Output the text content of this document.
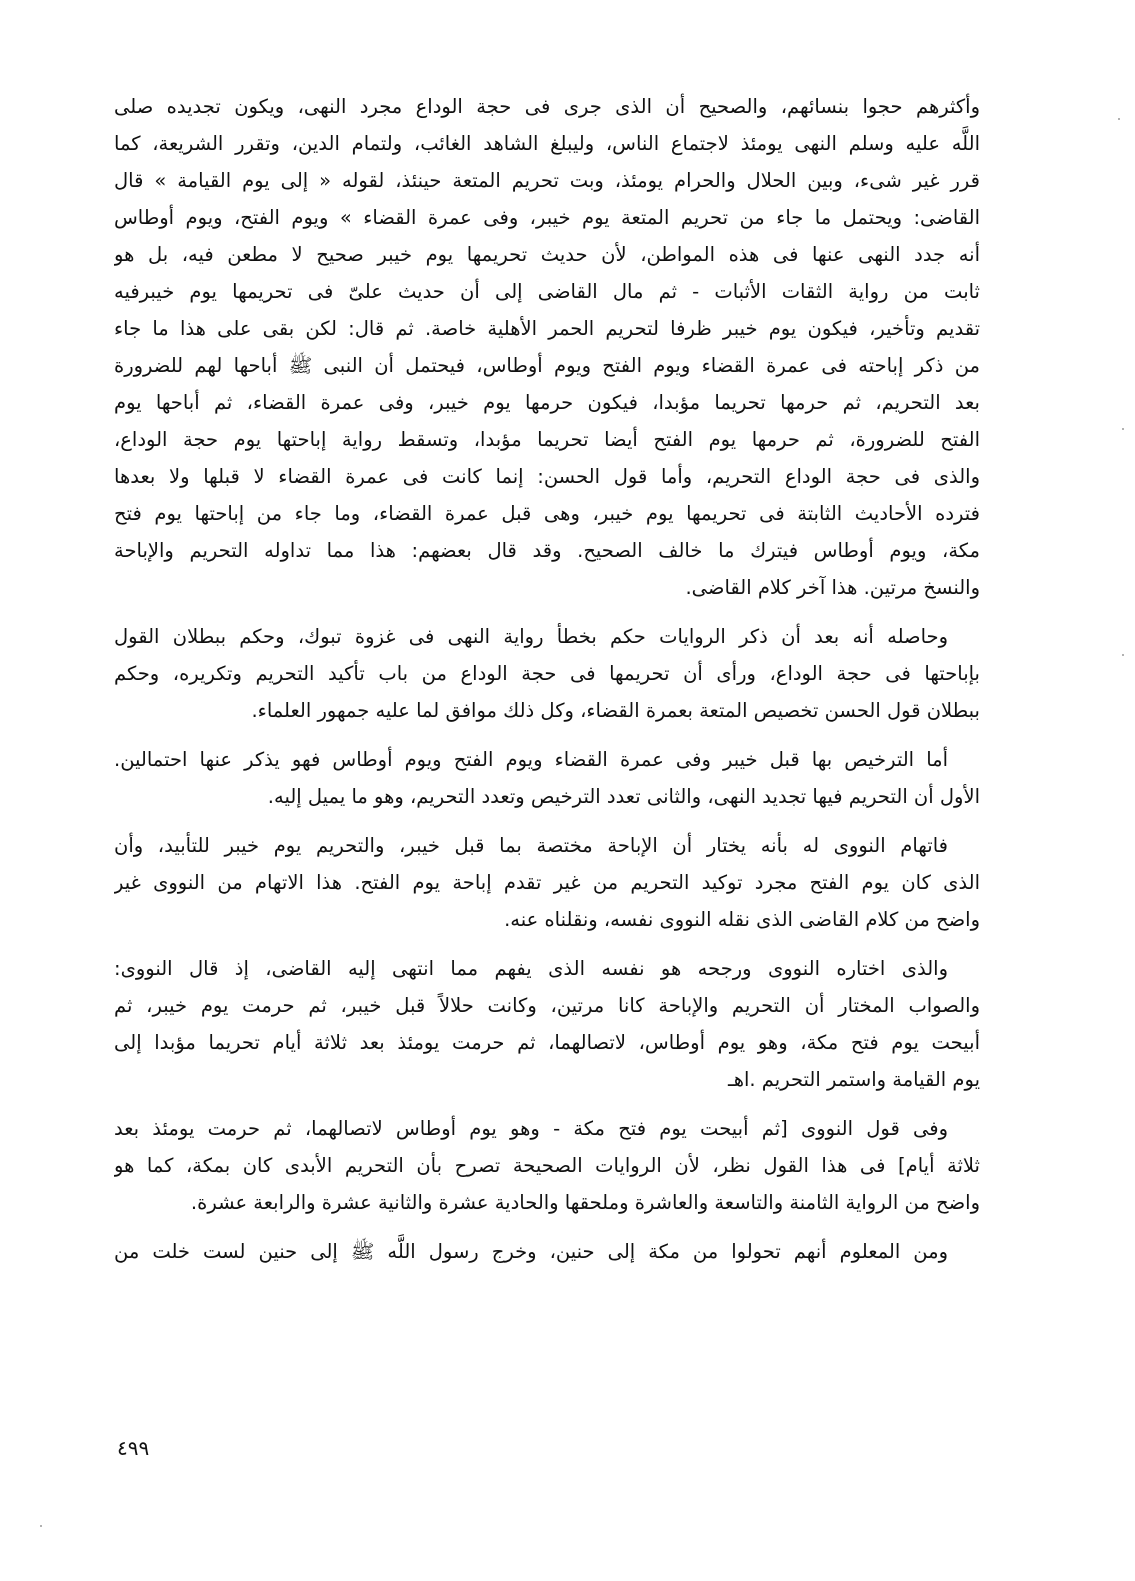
وأكثرهم حجوا بنسائهم، والصحيح أن الذى جرى فى حجة الوداع مجرد النهى، ويكون تجديده صلى
اللَّه عليه وسلم النهى يومئذ لاجتماع الناس، وليبلغ الشاهد الغائب، ولتمام الدين، وتقرر الشريعة، كما
قرر غير شىء، وبين الحلال والحرام يومئذ، وبت تحريم المتعة حينئذ، لقوله « إلى يوم القيامة » قال
القاضى: ويحتمل ما جاء من تحريم المتعة يوم خيبر، وفى عمرة القضاء » ويوم الفتح، ويوم أوطاس
أنه جدد النهى عنها فى هذه المواطن، لأن حديث تحريمها يوم خيبر صحيح لا مطعن فيه، بل هو
ثابت من رواية الثقات الأثبات - ثم مال القاضى إلى أن حديث علىّ فى تحريمها يوم خيبرفيه
تقديم وتأخير، فيكون يوم خيبر ظرفا لتحريم الحمر الأهلية خاصة. ثم قال: لكن بقى على هذا ما جاء
من ذكر إباحته فى عمرة القضاء ويوم الفتح ويوم أوطاس، فيحتمل أن النبى ﷺ أباحها لهم للضرورة
بعد التحريم، ثم حرمها تحريما مؤبدا، فيكون حرمها يوم خيبر، وفى عمرة القضاء، ثم أباحها يوم
الفتح للضرورة، ثم حرمها يوم الفتح أيضا تحريما مؤبدا، وتسقط رواية إباحتها يوم حجة الوداع،
والذى فى حجة الوداع التحريم، وأما قول الحسن: إنما كانت فى عمرة القضاء لا قبلها ولا بعدها
فترده الأحاديث الثابتة فى تحريمها يوم خيبر، وهى قبل عمرة القضاء، وما جاء من إباحتها يوم فتح
مكة، ويوم أوطاس فيترك ما خالف الصحيح. وقد قال بعضهم: هذا مما تداوله التحريم والإباحة
والنسخ مرتين. هذا آخر كلام القاضى.

وحاصله أنه بعد أن ذكر الروايات حكم بخطأ رواية النهى فى غزوة تبوك، وحكم ببطلان القول
بإباحتها فى حجة الوداع، ورأى أن تحريمها فى حجة الوداع من باب تأكيد التحريم وتكريره، وحكم
ببطلان قول الحسن تخصيص المتعة بعمرة القضاء، وكل ذلك موافق لما عليه جمهور العلماء.

أما الترخيص بها قبل خيبر وفى عمرة القضاء ويوم الفتح ويوم أوطاس فهو يذكر عنها احتمالين.
الأول أن التحريم فيها تجديد النهى، والثانى تعدد الترخيص وتعدد التحريم، وهو ما يميل إليه.

فاتهام النووى له بأنه يختار أن الإباحة مختصة بما قبل خيبر، والتحريم يوم خيبر للتأبيد، وأن
الذى كان يوم الفتح مجرد توكيد التحريم من غير تقدم إباحة يوم الفتح. هذا الاتهام من النووى غير
واضح من كلام القاضى الذى نقله النووى نفسه، ونقلناه عنه.

والذى اختاره النووى ورجحه هو نفسه الذى يفهم مما انتهى إليه القاضى، إذ قال النووى:
والصواب المختار أن التحريم والإباحة كانا مرتين، وكانت حلالاً قبل خيبر، ثم حرمت يوم خيبر، ثم
أبيحت يوم فتح مكة، وهو يوم أوطاس، لاتصالهما، ثم حرمت يومئذ بعد ثلاثة أيام تحريما مؤبدا إلى
يوم القيامة واستمر التحريم .اهـ

وفى قول النووى [ثم أبيحت يوم فتح مكة - وهو يوم أوطاس لاتصالهما، ثم حرمت يومئذ بعد
ثلاثة أيام] فى هذا القول نظر، لأن الروايات الصحيحة تصرح بأن التحريم الأبدى كان بمكة، كما هو
واضح من الرواية الثامنة والتاسعة والعاشرة وملحقها والحادية عشرة والثانية عشرة والرابعة عشرة.

ومن المعلوم أنهم تحولوا من مكة إلى حنين، وخرج رسول اللَّه ﷺ إلى حنين لست خلت من

٤٩٩
